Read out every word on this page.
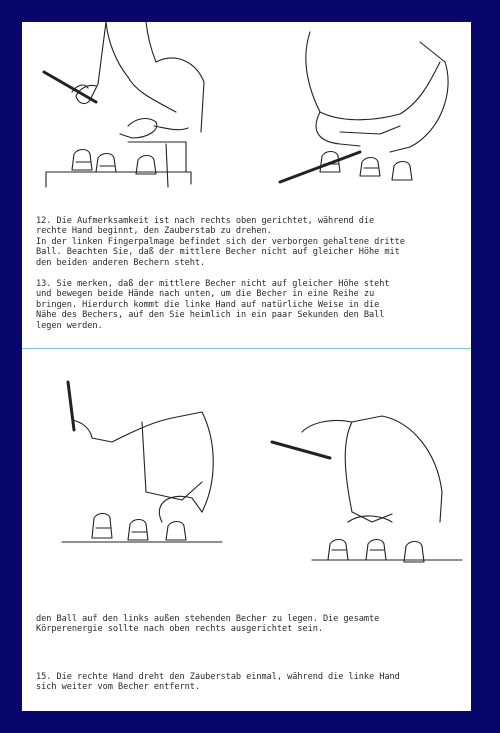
12. Die Aufmerksamkeit ist nach rechts oben gerichtet, während die
rechte Hand beginnt, den Zauberstab zu drehen.
In der linken Fingerpalmage befindet sich der verborgen gehaltene dritte
Ball. Beachten Sie, daß der mittlere Becher nicht auf gleicher Höhe mit
den beiden anderen Bechern steht.
13. Sie merken, daß der mittlere Becher nicht auf gleicher Höhe steht
und bewegen beide Hände nach unten, um die Becher in eine Reihe zu
bringen. Hierdurch kommt die linke Hand auf natürliche Weise in die
Nähe des Bechers, auf den Sie heimlich in ein paar Sekunden den Ball
legen werden.
den Ball auf den links außen stehenden Becher zu legen. Die gesamte
Körperenergie sollte nach oben rechts ausgerichtet sein.
15. Die rechte Hand dreht den Zauberstab einmal, während die linke Hand
sich weiter vom Becher entfernt.
